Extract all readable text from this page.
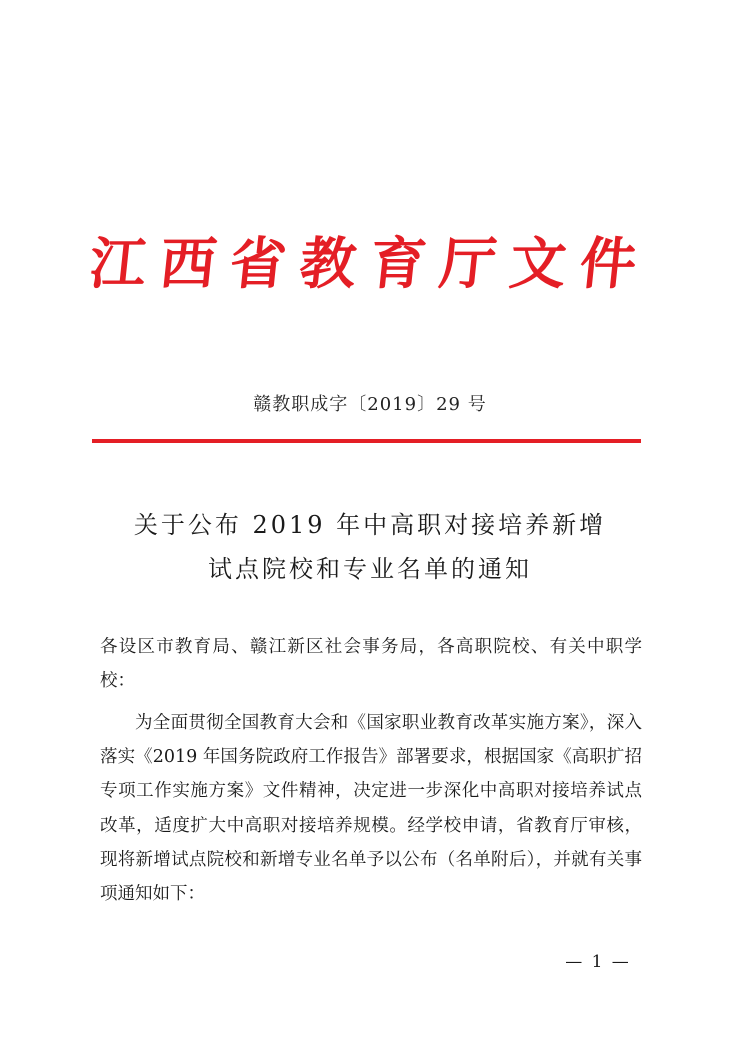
江西省教育厅文件
赣教职成字〔2019〕29 号
关于公布 2019 年中高职对接培养新增
试点院校和专业名单的通知
各设区市教育局、赣江新区社会事务局，各高职院校、有关中职学校：
为全面贯彻全国教育大会和《国家职业教育改革实施方案》，深入落实《2019 年国务院政府工作报告》部署要求，根据国家《高职扩招专项工作实施方案》文件精神，决定进一步深化中高职对接培养试点改革，适度扩大中高职对接培养规模。经学校申请，省教育厅审核，现将新增试点院校和新增专业名单予以公布（名单附后），并就有关事项通知如下：
— 1 —
